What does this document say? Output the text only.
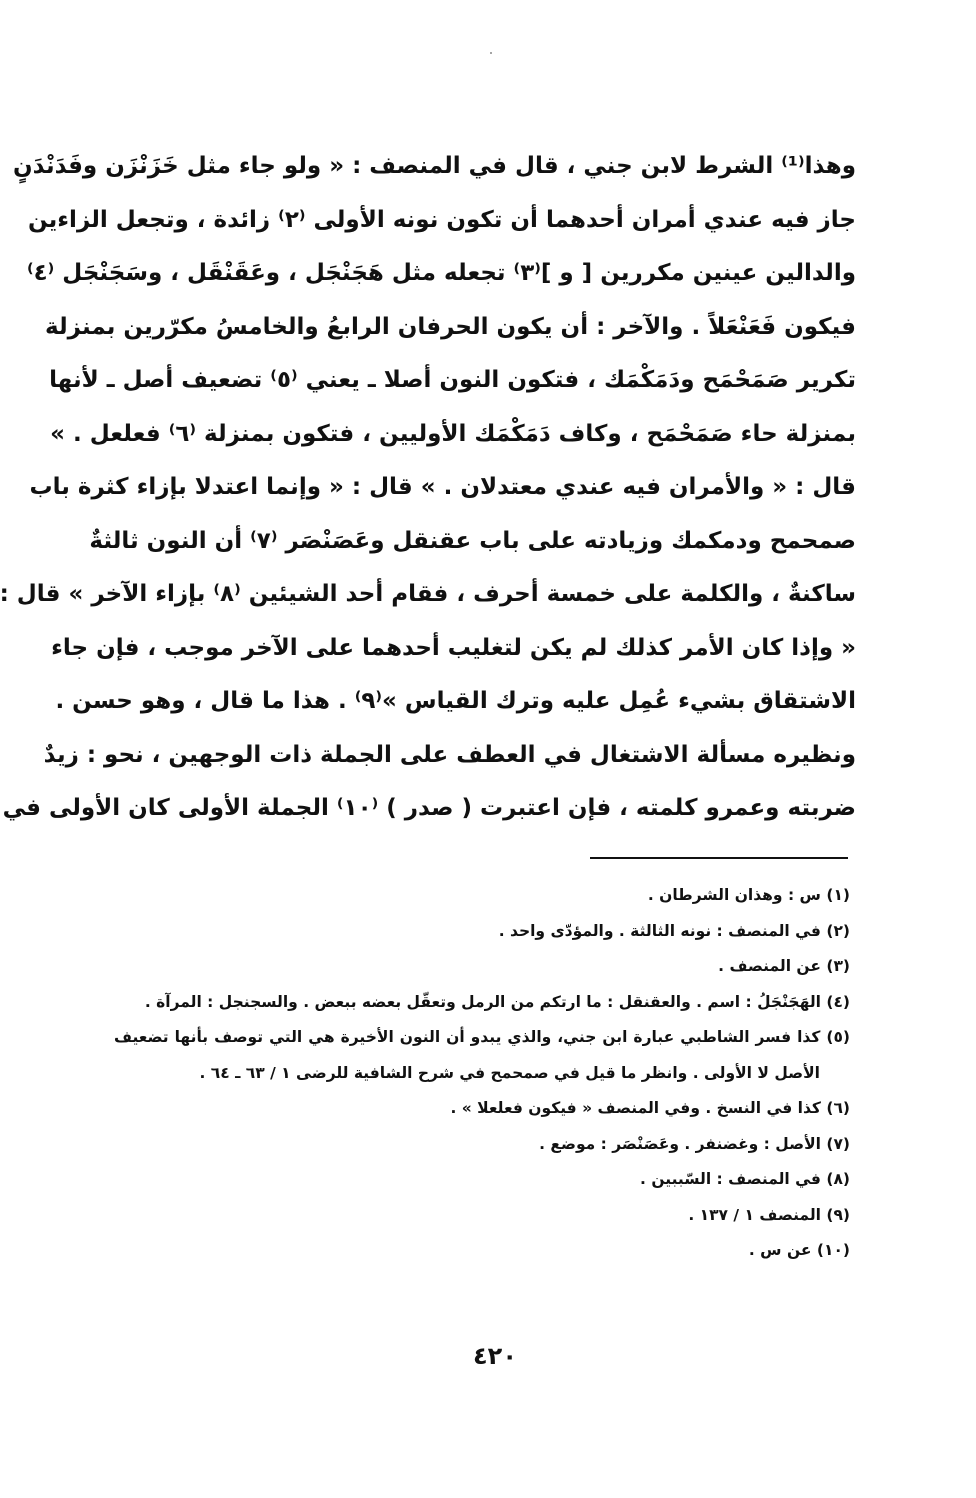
وهذا⁽¹⁾ الشرط لابن جني ، قال في المنصف : « ولو جاء مثل خَزَنْزَن وفَدَنْدَنٍ
جاز فيه عندي أمران أحدهما أن تكون نونه الأولى ⁽٢⁾ زائدة ، وتجعل الزاءين
والدالين عينين مكررين [ و ]⁽٣⁾ تجعله مثل هَجَنْجَل ، وعَقَنْقَل ، وسَجَنْجَل ⁽٤⁾
فيكون فَعَنْعَلاً . والآخر : أن يكون الحرفان الرابعُ والخامسُ مكرّرين بمنزلة
تكرير صَمَحْمَح ودَمَكْمَك ، فتكون النون أصلا ـ يعني ⁽٥⁾ تضعيف أصل ـ لأنها
بمنزلة حاء صَمَحْمَح ، وكاف دَمَكْمَك الأوليين ، فتكون بمنزلة ⁽٦⁾ فعلعل . »
قال : « والأمران فيه عندي معتدلان . » قال : « وإنما اعتدلا بإزاء كثرة باب
صمحمح ودمكمك وزيادته على باب عقنقل وعَصَنْصَر ⁽٧⁾ أن النون ثالثةٌ
ساكنةٌ ، والكلمة على خمسة أحرف ، فقام أحد الشيئين ⁽٨⁾ بإزاء الآخر » قال :
« وإذا كان الأمر كذلك لم يكن لتغليب أحدهما على الآخر موجب ، فإن جاء
الاشتقاق بشيء عُمِل عليه وترك القياس »⁽٩⁾ . هذا ما قال ، وهو حسن .
ونظيره مسألة الاشتغال في العطف على الجملة ذات الوجهين ، نحو : زيدٌ
ضربته وعمرو كلمته ، فإن اعتبرت ( صدر ) ⁽١٠⁾ الجملة الأولى كان الأولى في
(١) س : وهذان الشرطان .
(٢) في المنصف : نونه الثالثة . والمؤدّى واحد .
(٣) عن المنصف .
(٤) الهَجَنْجَلُ : اسم . والعقنقل : ما ارتكم من الرمل وتعقّل بعضه ببعض . والسجنجل : المرآة .
(٥) كذا فسر الشاطبي عبارة ابن جني، والذي يبدو أن النون الأخيرة هي التي توصف بأنها تضعيف
الأصل لا الأولى . وانظر ما قيل في صمحمح في شرح الشافية للرضى ١ / ٦٣ ـ ٦٤ .
(٦) كذا في النسخ . وفي المنصف « فيكون فعلعلا » .
(٧) الأصل : وغضنفر . وعَصَنْصَر : موضع .
(٨) في المنصف : السّببين .
(٩) المنصف ١ / ١٣٧ .
(١٠) عن س .
٤٢٠
